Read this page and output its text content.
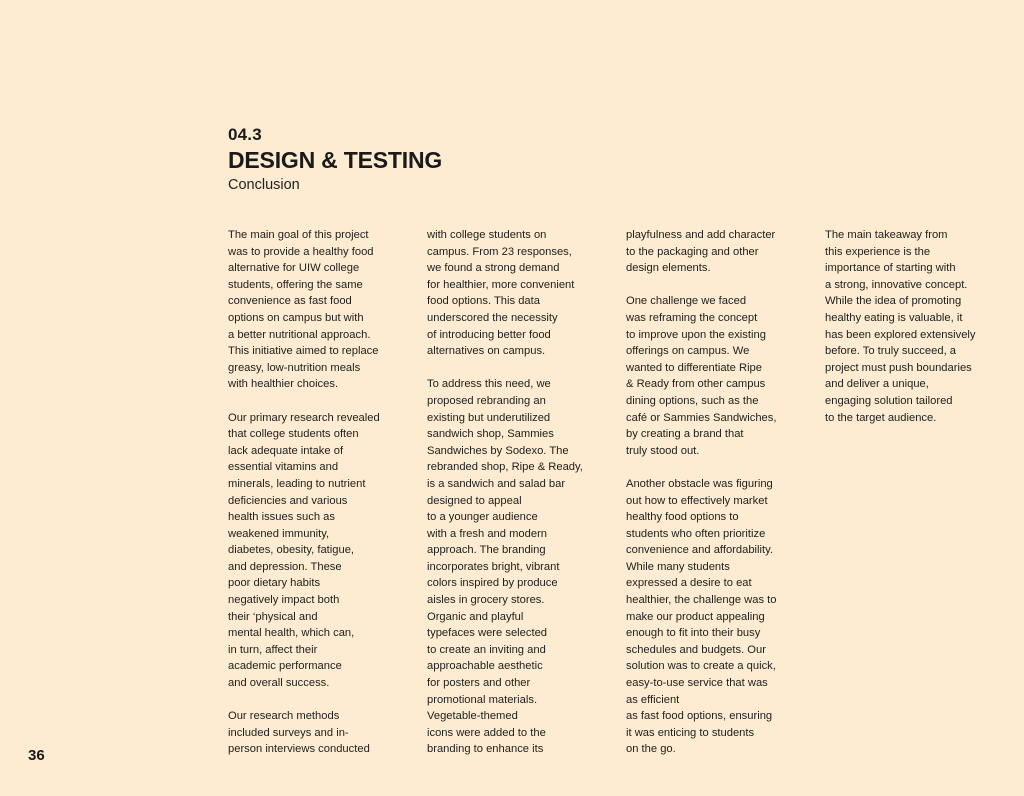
04.3
DESIGN & TESTING
Conclusion
The main goal of this project
was to provide a healthy food
alternative for UIW college
students, offering the same
convenience as fast food
options on campus but with
a better nutritional approach.
This initiative aimed to replace
greasy, low-nutrition meals
with healthier choices.
Our primary research revealed
that college students often
lack adequate intake of
essential vitamins and
minerals, leading to nutrient
deficiencies and various
health issues such as
weakened immunity,
diabetes, obesity, fatigue,
and depression. These
poor dietary habits
negatively impact both
their ‘physical and
mental health, which can,
in turn, affect their
academic performance
and overall success.
Our research methods
included surveys and in-
person interviews conducted
with college students on
campus. From 23 responses,
we found a strong demand
for healthier, more convenient
food options. This data
underscored the necessity
of introducing better food
alternatives on campus.
To address this need, we
proposed rebranding an
existing but underutilized
sandwich shop, Sammies
Sandwiches by Sodexo. The
rebranded shop, Ripe & Ready,
is a sandwich and salad bar
designed to appeal
to a younger audience
with a fresh and modern
approach. The branding
incorporates bright, vibrant
colors inspired by produce
aisles in grocery stores.
Organic and playful
typefaces were selected
to create an inviting and
approachable aesthetic
for posters and other
promotional materials.
Vegetable-themed
icons were added to the
branding to enhance its
playfulness and add character
to the packaging and other
design elements.
One challenge we faced
was reframing the concept
to improve upon the existing
offerings on campus. We
wanted to differentiate Ripe
& Ready from other campus
dining options, such as the
café or Sammies Sandwiches,
by creating a brand that
truly stood out.
Another obstacle was figuring
out how to effectively market
healthy food options to
students who often prioritize
convenience and affordability.
While many students
expressed a desire to eat
healthier, the challenge was to
make our product appealing
enough to fit into their busy
schedules and budgets. Our
solution was to create a quick,
easy-to-use service that was
as efficient
as fast food options, ensuring
it was enticing to students
on the go.
The main takeaway from
this experience is the
importance of starting with
a strong, innovative concept.
While the idea of promoting
healthy eating is valuable, it
has been explored extensively
before. To truly succeed, a
project must push boundaries
and deliver a unique,
engaging solution tailored
to the target audience.
36
